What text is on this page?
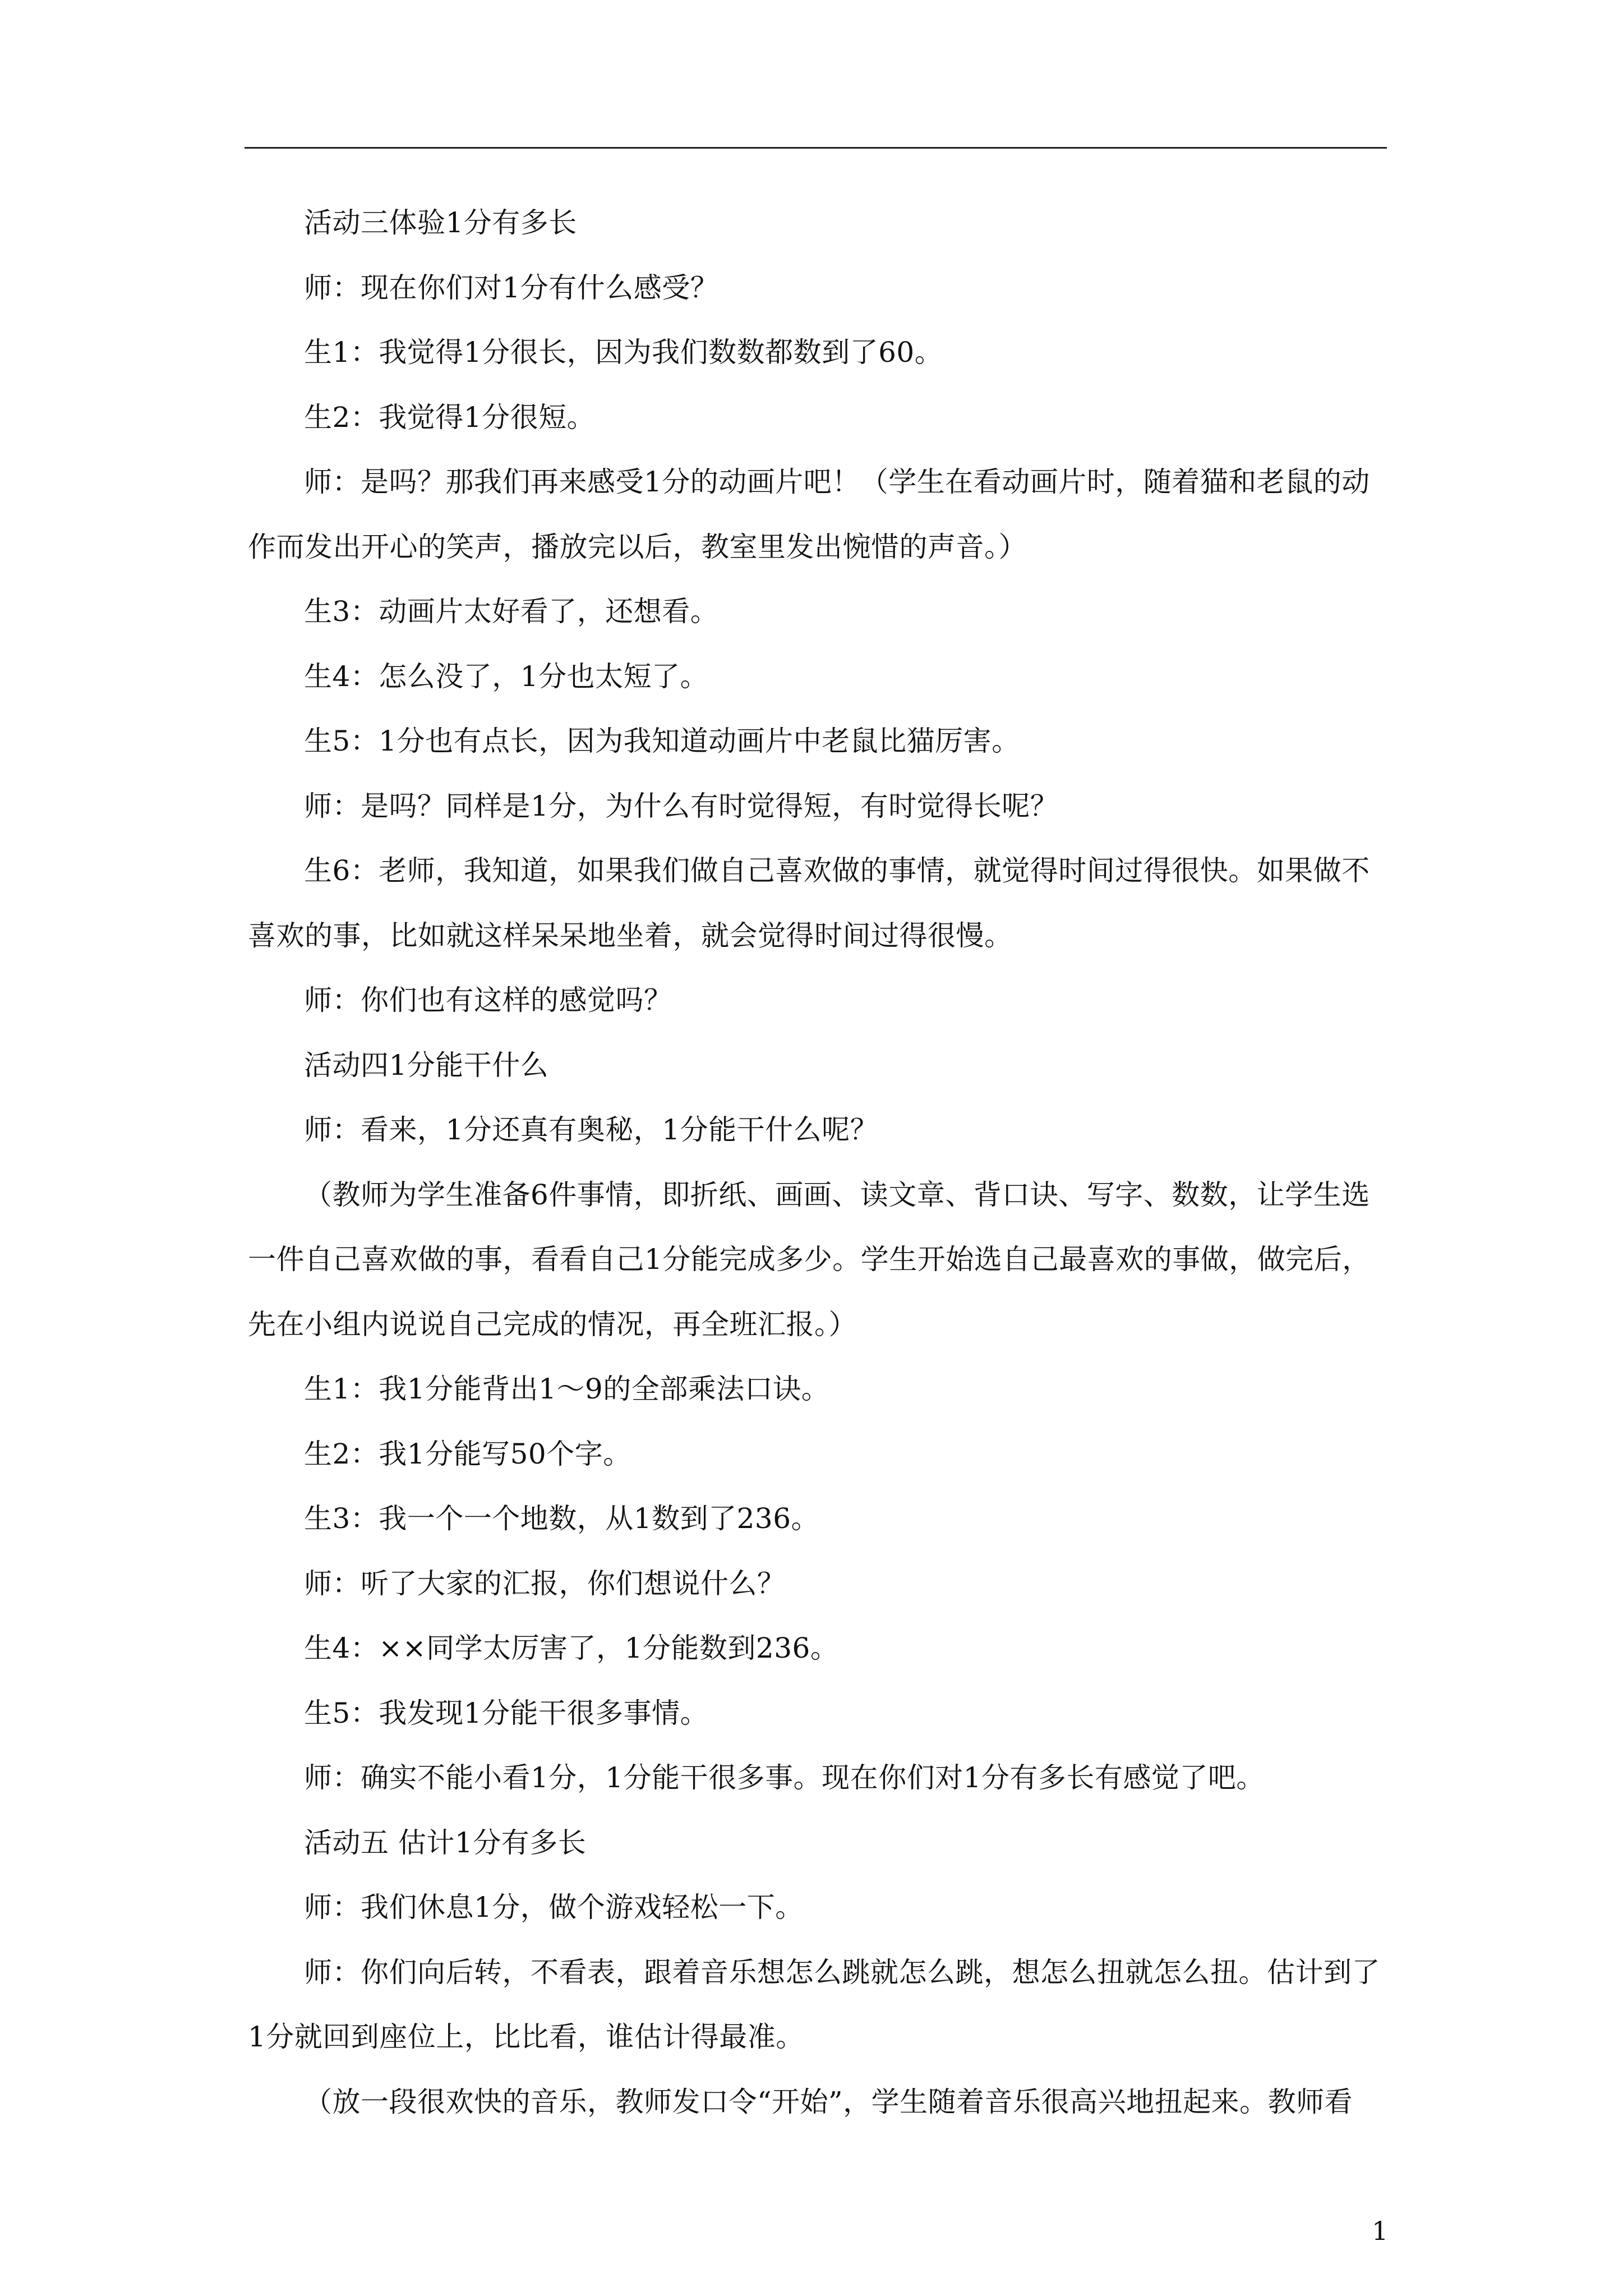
活动三体验1分有多长

师：现在你们对1分有什么感受？

生1：我觉得1分很长，因为我们数数都数到了60。

生2：我觉得1分很短。

师：是吗？那我们再来感受1分的动画片吧！（学生在看动画片时，随着猫和老鼠的动作而发出开心的笑声，播放完以后，教室里发出惋惜的声音。）

生3：动画片太好看了，还想看。

生4：怎么没了，1分也太短了。

生5：1分也有点长，因为我知道动画片中老鼠比猫厉害。

师：是吗？同样是1分，为什么有时觉得短，有时觉得长呢？

生6：老师，我知道，如果我们做自己喜欢做的事情，就觉得时间过得很快。如果做不喜欢的事，比如就这样呆呆地坐着，就会觉得时间过得很慢。

师：你们也有这样的感觉吗？

活动四1分能干什么

师：看来，1分还真有奥秘，1分能干什么呢？

（教师为学生准备6件事情，即折纸、画画、读文章、背口诀、写字、数数，让学生选一件自己喜欢做的事，看看自己1分能完成多少。学生开始选自己最喜欢的事做，做完后，先在小组内说说自己完成的情况，再全班汇报。）

生1：我1分能背出1～9的全部乘法口诀。

生2：我1分能写50个字。

生3：我一个一个地数，从1数到了236。

师：听了大家的汇报，你们想说什么？

生4：××同学太厉害了，1分能数到236。

生5：我发现1分能干很多事情。

师：确实不能小看1分，1分能干很多事。现在你们对1分有多长有感觉了吧。

活动五 估计1分有多长

师：我们休息1分，做个游戏轻松一下。

师：你们向后转，不看表，跟着音乐想怎么跳就怎么跳，想怎么扭就怎么扭。估计到了1分就回到座位上，比比看，谁估计得最准。

（放一段很欢快的音乐，教师发口令“开始”，学生随着音乐很高兴地扭起来。教师看

1
